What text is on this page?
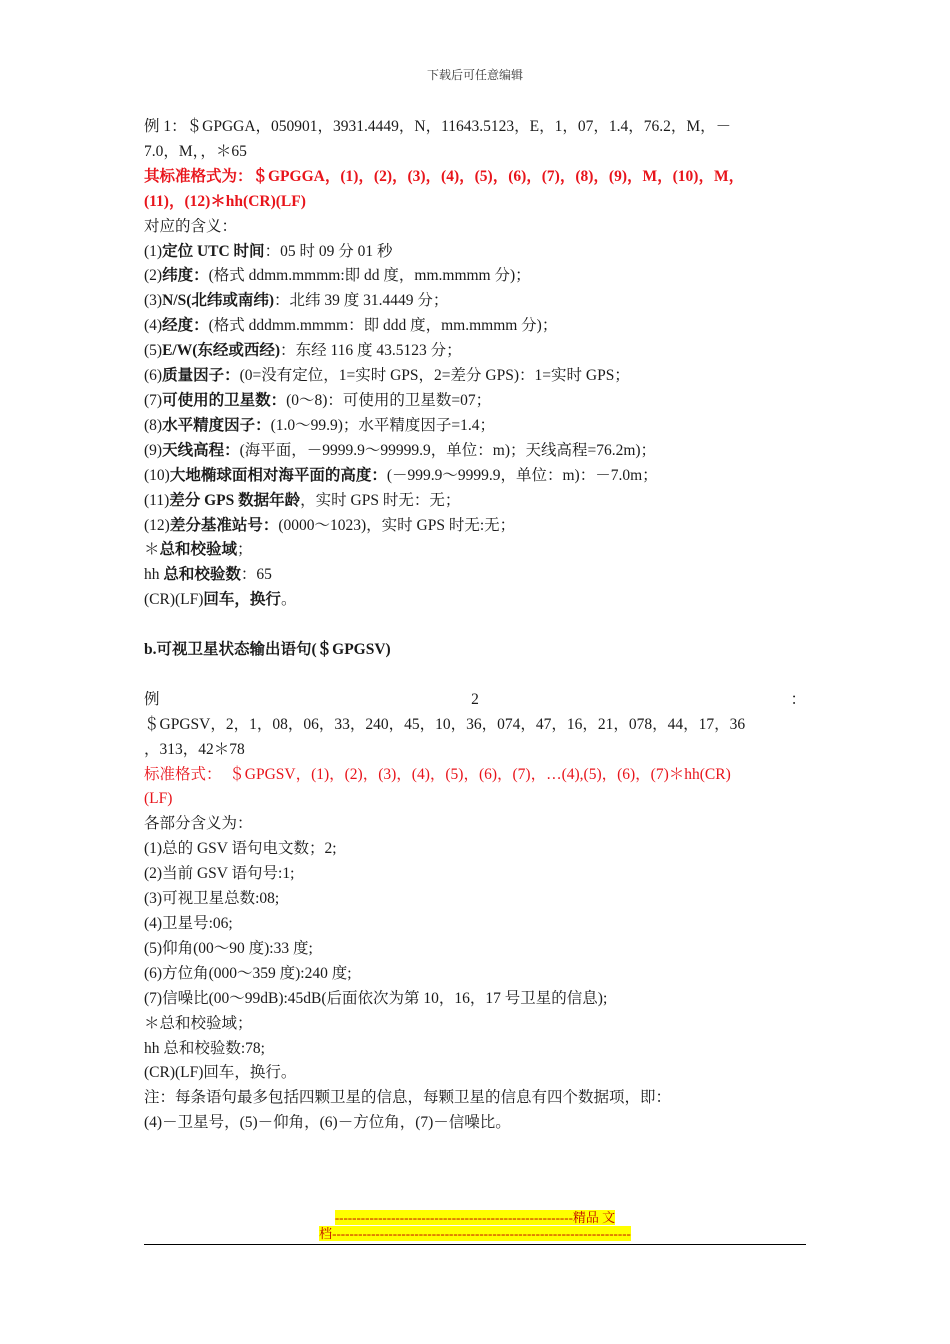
下载后可任意编辑

例 1：＄GPGGA，050901，3931.4449，N，11643.5123，E，1，07，1.4，76.2，M，－

7.0，M，，＊65

其标准格式为：＄GPGGA，(1)，(2)，(3)，(4)，(5)，(6)，(7)，(8)，(9)，M，(10)，M，

(11)，(12)＊hh(CR)(LF)

对应的含义：

(1)定位 UTC 时间：05 时 09 分 01 秒

(2)纬度：(格式 ddmm.mmmm:即 dd 度，mm.mmmm 分)；

(3)N/S(北纬或南纬)：北纬 39 度 31.4449 分；

(4)经度：(格式 dddmm.mmmm：即 ddd 度，mm.mmmm 分)；

(5)E/W(东经或西经)：东经 116 度 43.5123 分；

(6)质量因子：(0=没有定位，1=实时 GPS，2=差分 GPS)：1=实时 GPS；

(7)可使用的卫星数：(0～8)：可使用的卫星数=07；

(8)水平精度因子：(1.0～99.9)；水平精度因子=1.4；

(9)天线高程：(海平面，－9999.9～99999.9，单位：m)；天线高程=76.2m)；

(10)大地椭球面相对海平面的高度：(－999.9～9999.9，单位：m)：－7.0m；

(11)差分 GPS 数据年龄，实时 GPS 时无：无；

(12)差分基准站号：(0000～1023)，实时 GPS 时无:无；

＊总和校验域；

hh 总和校验数：65

(CR)(LF)回车，换行。

b.可视卫星状态输出语句(＄GPGSV)

例	2	：

＄GPGSV，2，1，08，06，33，240，45，10，36，074，47，16，21，078，44，17，36

，313，42＊78

标准格式：　＄GPGSV，(1)，(2)，(3)，(4)，(5)，(6)，(7)，…(4),(5)，(6)，(7)＊hh(CR)

(LF)

各部分含义为：

(1)总的 GSV 语句电文数；2;

(2)当前 GSV 语句号:1;

(3)可视卫星总数:08;

(4)卫星号:06;

(5)仰角(00～90 度):33 度;

(6)方位角(000～359 度):240 度;

(7)信噪比(00～99dB):45dB(后面依次为第 10，16，17 号卫星的信息);

＊总和校验域；

hh 总和校验数:78;

(CR)(LF)回车，换行。

注：每条语句最多包括四颗卫星的信息，每颗卫星的信息有四个数据项，即：

(4)－卫星号，(5)－仰角，(6)－方位角，(7)－信噪比。

-------------------------------------------------------精品 文
档---------------------------------------------------------------------
